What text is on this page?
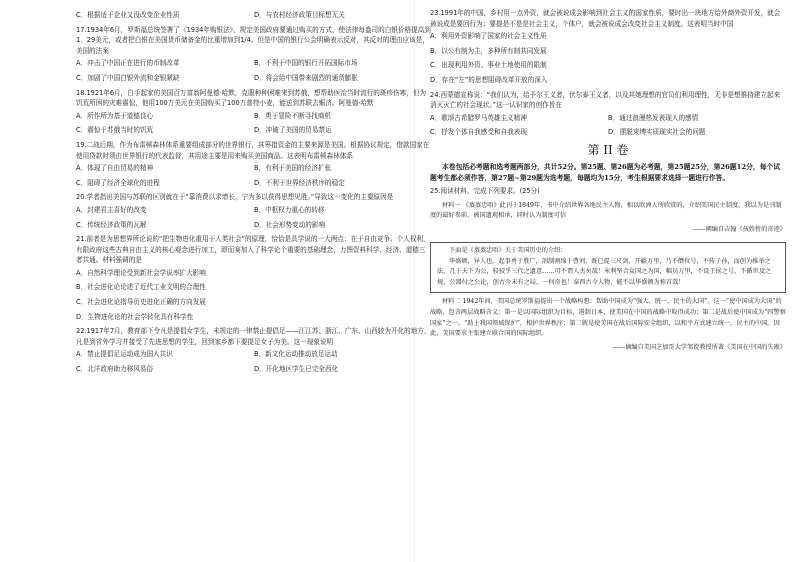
C．根据适于企业又没改变企业性质	D．与农村经济政策目标想无关

17.1934年6月，罗斯福总统签署了《1934年购银法》，规定美国政府要通过购买的方式，使法律每盎司的白银价格提高到1．29美元，或者把白银在美国货币储备金的比重增加到1/4。但是中国的银行公会明确表示反对，其反对的理由应该是，美国的法案

A．冲击了中国正在进行的币制改革	B．不利于中国的银行开拓国际市场
C．加剧了中国白银外流和金银紧缺	D．将会给中国带来剧烈的通货膨胀

18.1921年6月，白手起家的美国百万富翁阿曼德·哈默，克服种种困难来到苏俄，想帮助医治当时流行的斑疹伤寒，但为饥荒所困的灾难震惊，他用100万美元在美国购买了100万普特小麦，能送到苏联去赈济。阿曼德·哈默

A．所作所为基于道德良心	B．勇于冒险不断寻找商机
C．震惊于苏俄当时的饥荒	D．冲破了美国的贸易禁运

19.二战后期，作为布雷顿森林体系重要组成部分的世界银行，其筹措资金的主要来源是美国。根据协议规定，借款国家在使用贷款时须由世界银行的代表监督，其用途主要是用来购买美国商品。这表明布雷顿森林体系

A．体现了自由贸易的精神	B．有利于美国的经济扩张
C．阻碍了经济全球化的进程	D．不利于世界经济秩序的稳定

20.学者指出美国与苏联的区别就在于“靠消费以求增长，宁为多以获得思想见胜。”导致这一变化的主要原因是

A．封建君主喜好的改变	B．中枢权力重心的转移
C．传统经济政策的瓦解	D．社会形势变动的影响

21.前者是为思想界所论说的“把生物进化重用于人类社会”的原理，恰恰是具学说的一大两点：在于自由竞争、个人权利，有限政府这些古典自由主义的核心观念进行加工，即而赛加入了科学论个重要的基础理念，力图资料科学、经济、道德三者共通。材料强调的是

A．自然科学理论受到新社会学说率扩大影响

B．社会进化论论述了近代工业文明的合理性

C．社会进化论指导历史进化正确的方向发展

D．生物进化论的社会学转化具有科学性

22.1917年7月，教育部下令凡是提倡女学生，未规定的一律禁止提倡足——江江苏、浙江、广东、山西较为开化的地方，凡是到省外学习并接受了先进思想的学生，回到家乡都下要提足女子为美。这一现象说明

A．禁止提倡足运动成为国人共识	B．新文化运动推动放足运动
C．北洋政府助力移风易俗	D．开化地区学生已完全西化

23.1991年的中国，乡村用一点外资，就会被说成会影响到社会主义的国家性质，要时出一块地方给外商外资开发，就会被说成是要回行为；要提是不是是社会主义，个体户，就会被说成会改变社会主义制度。这表明当时中国

A．利用外资影响了国家的社会主义性质

B．以公有制为主，多种所有制共同发展

C．出现利用外资、事业土地使用的限制

D．存在“左”的思想阻碍改革开放的深入

24.西蒙德宣称说：“我们认为，给予尔王义者，伏尔泰王义者，以及其她理想的官员们利用理性，无非是想推持建立起来消灭灭亡的社会现状。”这一认识家的创作旨在

A．歌颂古希腊罗马英雄主义精神	B．通过浪漫热发表现人的感情
C．抒发个体自我感受和自我表现	D．摆脱束缚实质现实社会的问题
第 II 卷

本卷包括必考题和选考题两部分，共计52分。第25题、第26题为必考题，第25题25分，第26题12分，每个试题考生都必须作答，第27题~第29题为选考题，每题均为15分，考生根据要求选择一题进行作答。

25.阅读材料，完成下列要求。(25分)

材料一 《蒸蒸忠唔》此刊于1849年，书中介绍世界各地民主人物，相以欧洲人所欣赏的，介绍美国民主制度，我以为是刊制度的最好参前，被国遗观相承，同时认为制度可信

——阐编自吉翰《孩姓暂的奇迹》

下面是《蒸蒸忠唔》关于美国历史的介绍：

华盛顿，异人也。起事勇于胜广，剖制割绵于曹刘，既已提三尺剑，开疆万里，乃不僭位号，不传子孙，而创为推举之法，几于天下为公，骎骎乎三代之遗意……可不谓人杰矣哉！米利坚合众国之为国，幅员万里，不设王侯之号，不循世及之规，公器付之公论，创古今未有之局，一何奇也！泰西古今人物，能不以华盛顿为称首哉！

材料二 1942年间，美国总统罗斯福提出一个战略构想：帮助中国成为“强大、统一、民主的大国”。这一“使中国成为大国”的战略，包含两层战略含义：第一是以国际组织为目标，遏制日本，使美国在中国的战略中取得成功；第二是战后使中国成为“四警察国家”之一。“助上我国领域保护”，相护世界秩序；第二就是使美国在战后国际安全组织，以和平方式建立统一、民主的中国。因此，美国要求主张建立联合国的国际组织。

——摘编自美国芝加哥大学邹谠教授所著《美国在中国的失败》
